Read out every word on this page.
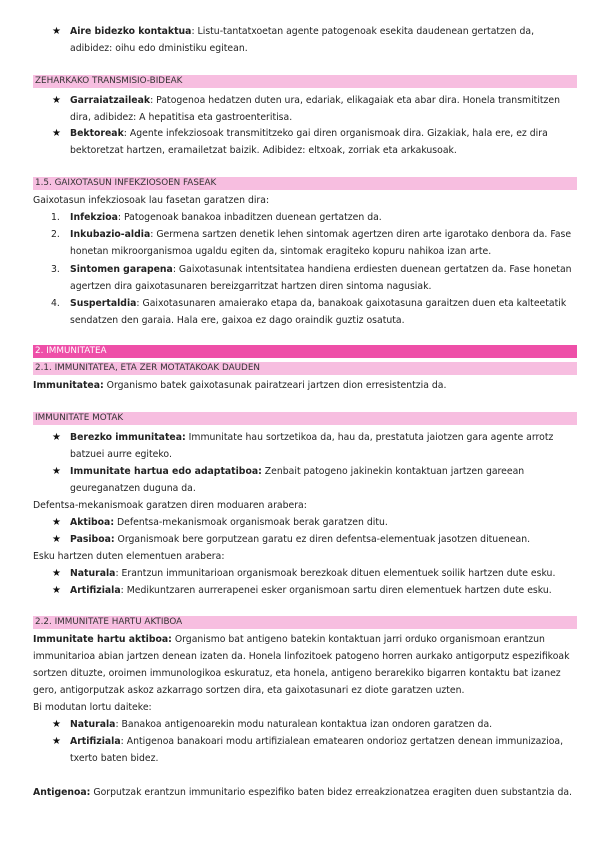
★ Aire bidezko kontaktua: Listu-tantatxoetan agente patogenoak esekita daudenean gertatzen da, adibidez: oihu edo dministiku egitean.
ZEHARKAKO TRANSMISIO-BIDEAK
★ Garraiatzaileak: Patogenoa hedatzen duten ura, edariak, elikagaiak eta abar dira. Honela transmititzen dira, adibidez: A hepatitisa eta gastroenteritisa.
★ Bektoreak: Agente infekziosoak transmititzeko gai diren organismoak dira. Gizakiak, hala ere, ez dira bektoretzat hartzen, eramailetzat baizik. Adibidez: eltxoak, zorriak eta arkakusoak.
1.5. GAIXOTASUN INFEKZIOSOEN FASEAK
Gaixotasun infekziosoak lau fasetan garatzen dira:
1. Infekzioa: Patogenoak banakoa inbaditzen duenean gertatzen da.
2. Inkubazio-aldia: Germena sartzen denetik lehen sintomak agertzen diren arte igarotako denbora da. Fase honetan mikroorganismoa ugaldu egiten da, sintomak eragiteko kopuru nahikoa izan arte.
3. Sintomen garapena: Gaixotasunak intentsitatea handiena erdiesten duenean gertatzen da. Fase honetan agertzen dira gaixotasunaren bereizgarritzat hartzen diren sintoma nagusiak.
4. Suspertaldia: Gaixotasunaren amaierako etapa da, banakoak gaixotasuna garaitzen duen eta kalteetatik sendatzen den garaia. Hala ere, gaixoa ez dago oraindik guztiz osatuta.
2. IMMUNITATEA
2.1. IMMUNITATEA, ETA ZER MOTATAKOAK DAUDEN
Immunitatea: Organismo batek gaixotasunak pairatzeari jartzen dion erresistentzia da.
IMMUNITATE MOTAK
★ Berezko immunitatea: Immunitate hau sortzetikoa da, hau da, prestatuta jaiotzen gara agente arrotz batzuei aurre egiteko.
★ Immunitate hartua edo adaptatiboa: Zenbait patogeno jakinekin kontaktuan jartzen gareean geureganatzen duguna da.
Defentsa-mekanismoak garatzen diren moduaren arabera:
★ Aktiboa: Defentsa-mekanismoak organismoak berak garatzen ditu.
★ Pasiboa: Organismoak bere gorputzean garatu ez diren defentsa-elementuak jasotzen dituenean.
Esku hartzen duten elementuen arabera:
★ Naturala: Erantzun immunitarioan organismoak berezkoak dituen elementuek soilik hartzen dute esku.
★ Artifiziala: Medikuntzaren aurrerapenei esker organismoan sartu diren elementuek hartzen dute esku.
2.2. IMMUNITATE HARTU AKTIBOA
Immunitate hartu aktiboa: Organismo bat antigeno batekin kontaktuan jarri orduko organismoan erantzun immunitarioa abian jartzen denean izaten da. Honela linfozitoek patogeno horren aurkako antigorputz espezifikoak sortzen dituzte, oroimen immunologikoa eskuratuz, eta honela, antigeno berarekiko bigarren kontaktu bat izanez gero, antigorputzak askoz azkarrago sortzen dira, eta gaixotasunari ez diote garatzen uzten.
Bi modutan lortu daiteke:
★ Naturala: Banakoa antigenoarekin modu naturalean kontaktua izan ondoren garatzen da.
★ Artifiziala: Antigenoa banakoari modu artifizialean ematearen ondorioz gertatzen denean immunizazioa, txerto baten bidez.
Antigenoa: Gorputzak erantzun immunitario espezifiko baten bidez erreakzionatzea eragiten duen substantzia da.
